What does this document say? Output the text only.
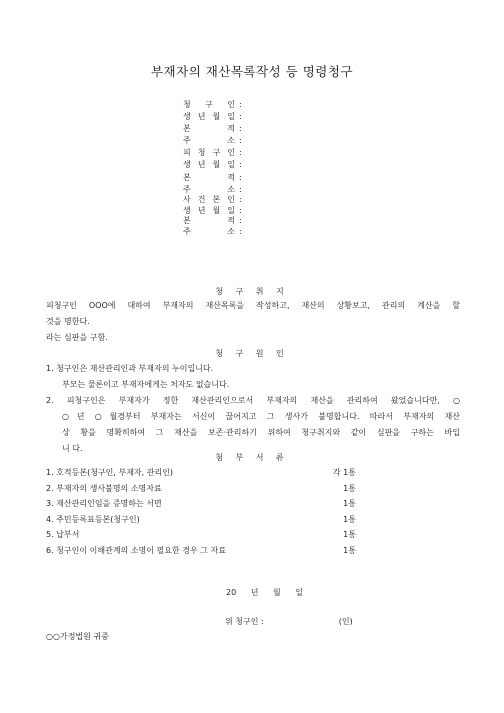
부재자의 재산목록작성 등 명령청구
청 구 인 :
생 년 월 일 :
본 적 :
주 소 :
피 청 구 인 :
생 년 월 일 :
본 적 :
주 소 :
사 건 본 인 :
생 년 월 일 :
본 적 :
주 소 :
청 구 취 지
피청구인 OOO에 대하여 부재자의 재산목록을 작성하고, 재산의 상황보고, 관리의 계산을 할
것을 명한다.
라는 심판을 구함.
청 구 원 인
1. 청구인은 재산관리인과 부재자의 누이입니다.
부모는 물론이고 부재자에게는 처자도 없습니다.
2. 피청구인은 부재자가 정한 재산관리인으로서 부재자의 재산을 관리하여 왔었습니다만, ○
○년 ○월경부터 부재자는 서신이 끊어지고 그 생사가 불명합니다. 따라서 부재자의 재산
상 황을 명확히하여 그 재산을 보존·관리하기 위하여 청구취지와 같이 심판을 구하는 바입
니 다.
첨 부 서 류
1. 호적등본(청구인, 부재자, 관리인)	각 1통
2. 부재자의 생사불명의 소명자료	1통
3. 재산관리인임을 증명하는 서면	1통
4. 주민등록표등본(청구인)	1통
5. 납부서	1통
6. 청구인이 이해관계의 소명이 필요한 경우 그 자료	1통
20 년 월 일
위 청구인 :	(인)
○○가정법원 귀중
